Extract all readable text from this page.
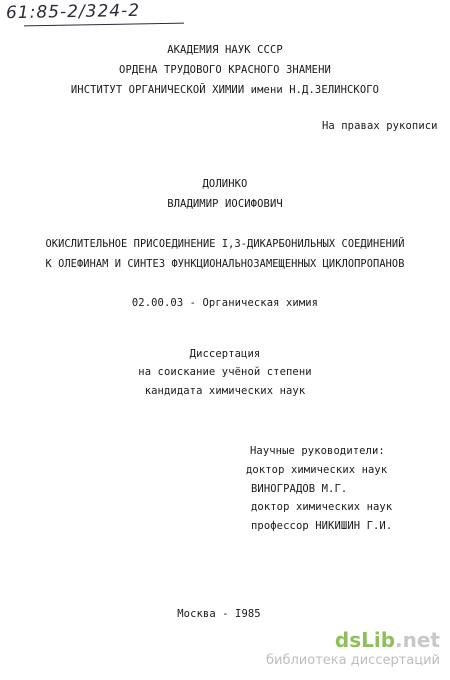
61:85-2/324-2
АКАДЕМИЯ НАУК СССР
ОРДЕНА ТРУДОВОГО КРАСНОГО ЗНАМЕНИ
ИНСТИТУТ ОРГАНИЧЕСКОЙ ХИМИИ имени Н.Д.ЗЕЛИНСКОГО
На правах рукописи
ДОЛИНКО
ВЛАДИМИР ИОСИФОВИЧ
ОКИСЛИТЕЛЬНОЕ ПРИСОЕДИНЕНИЕ I,3-ДИКАРБОНИЛЬНЫХ СОЕДИНЕНИЙ
К ОЛЕФИНАМ И СИНТЕЗ ФУНКЦИОНАЛЬНОЗАМЕЩЕННЫХ ЦИКЛОПРОПАНОВ
02.00.03 - Органическая химия
Диссертация
на соискание учёной степени
кандидата химических наук
Научные руководители:
доктор химических наук
ВИНОГРАДОВ М.Г.
доктор химических наук
профессор НИКИШИН Г.И.
Москва - I985
dsLib.net
библиотека диссертаций
